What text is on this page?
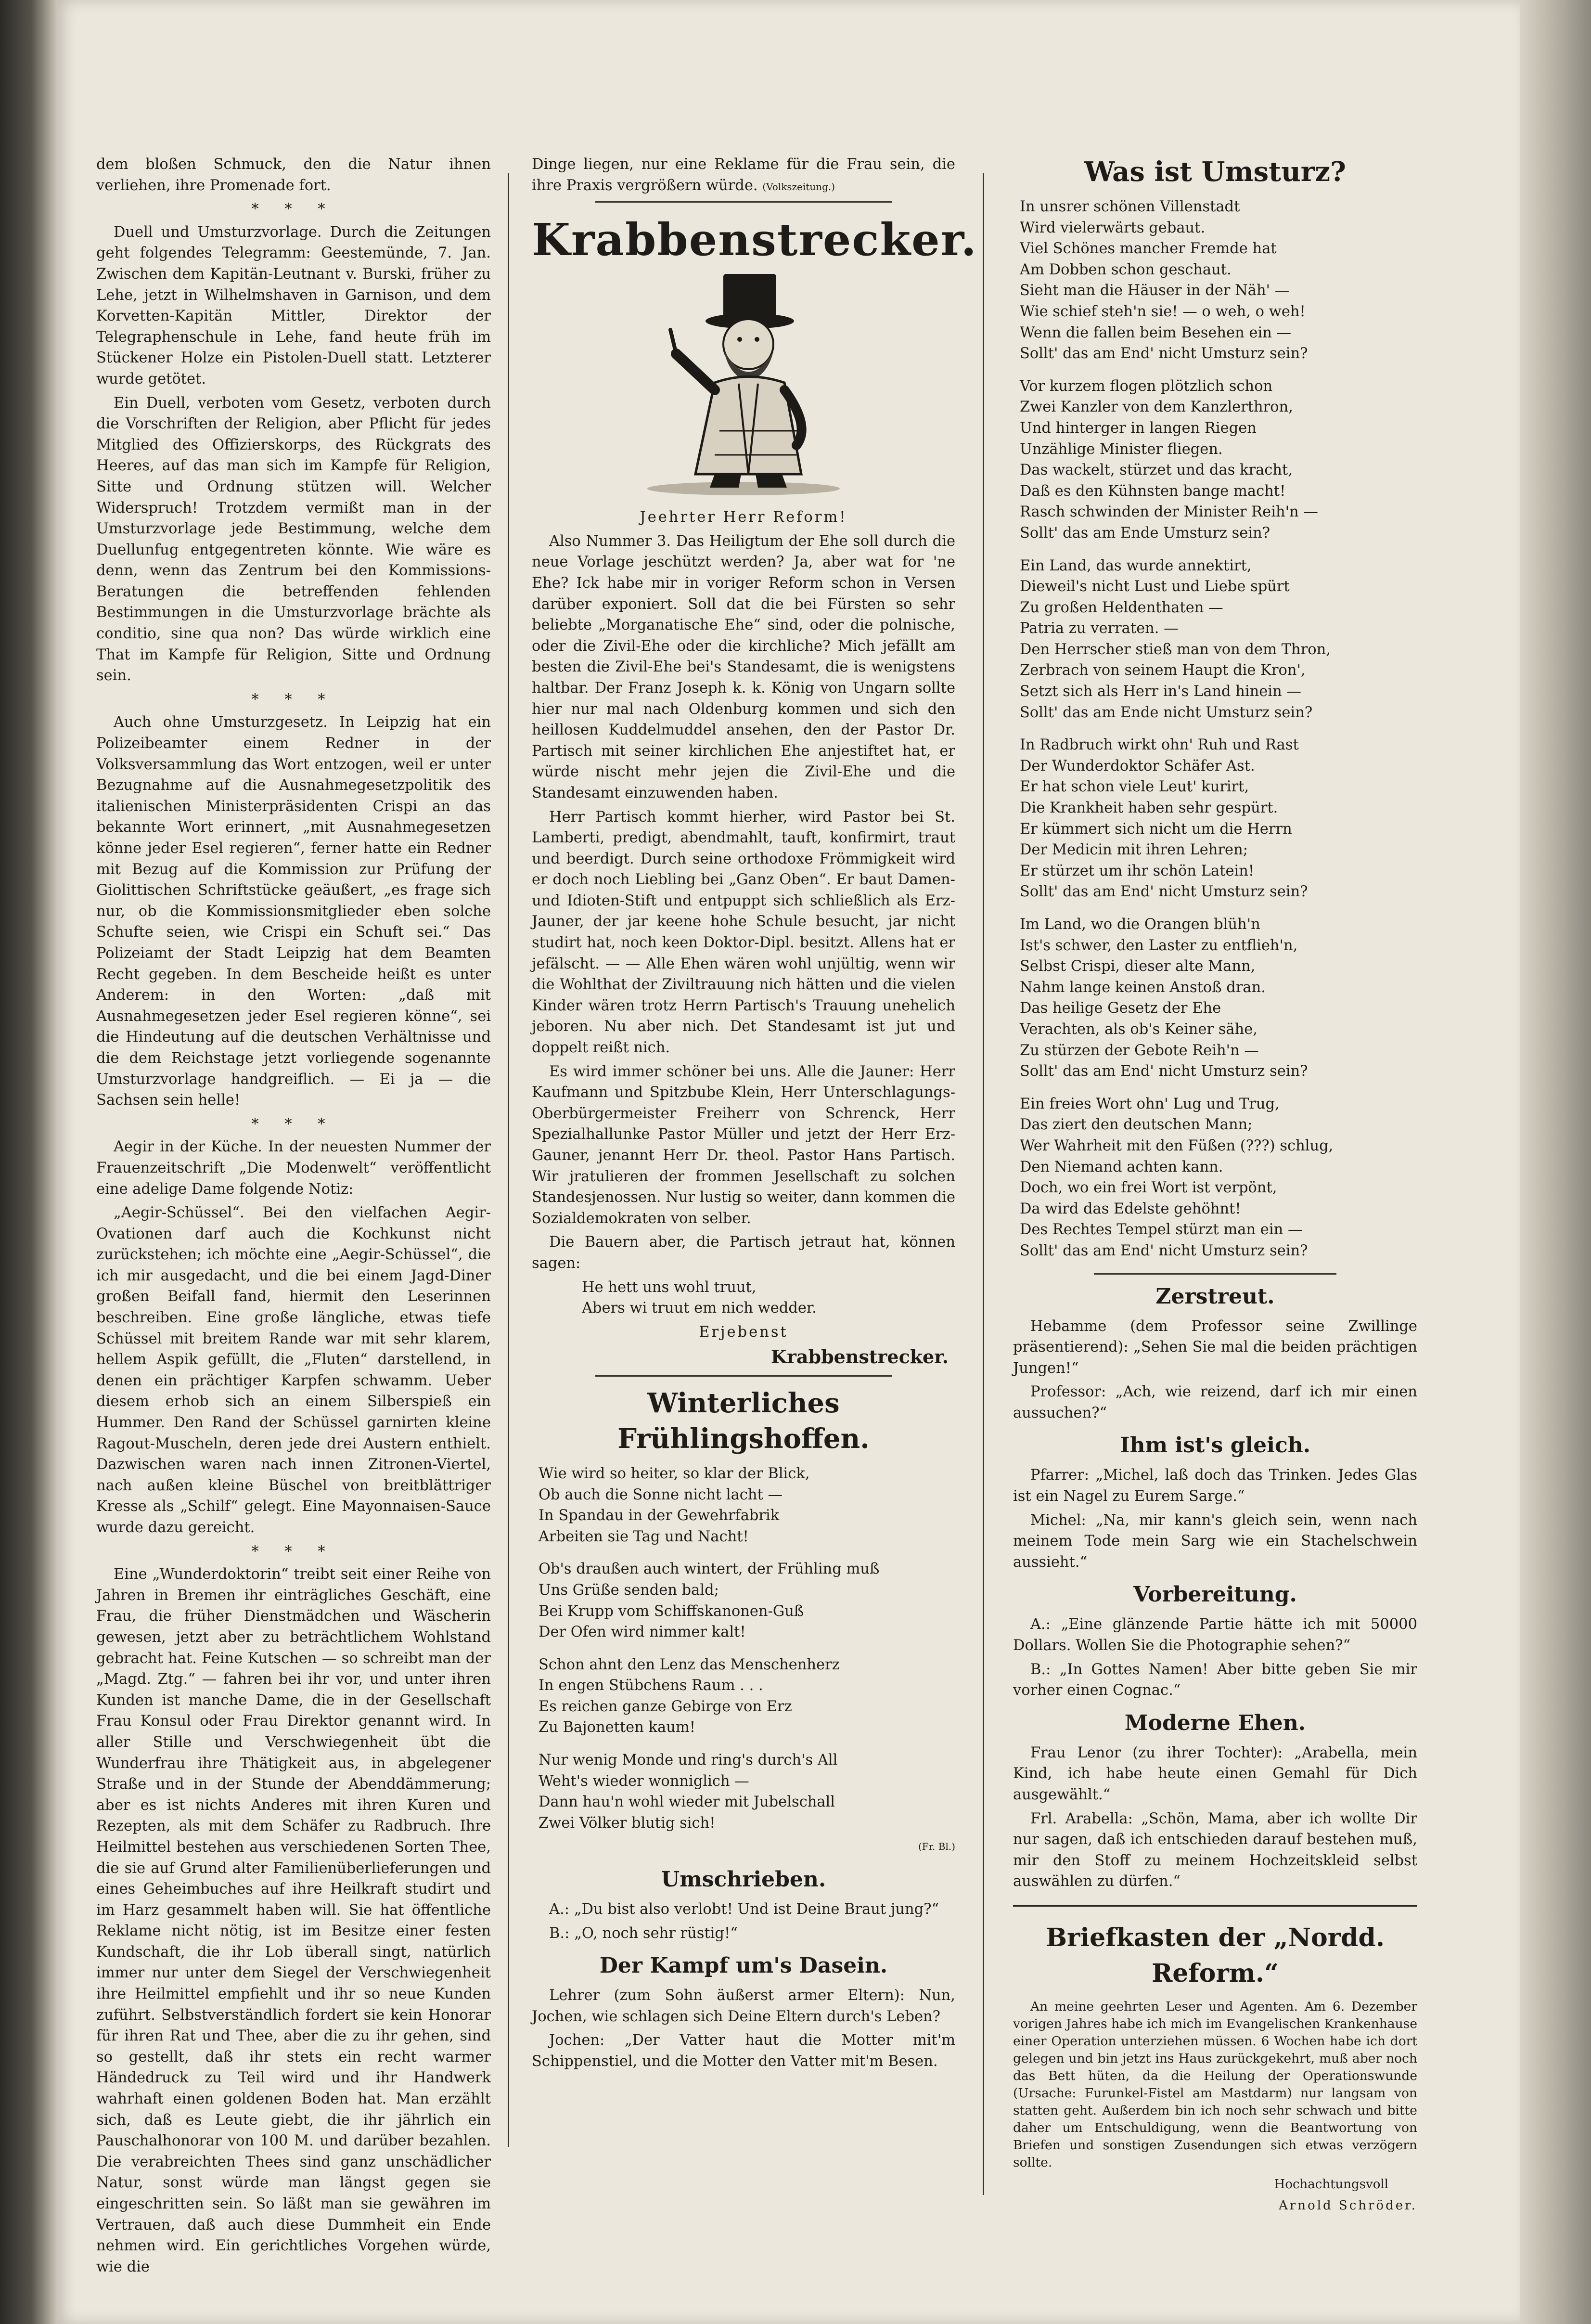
dem bloßen Schmuck, den die Natur ihnen verliehen, ihre Promenade fort.

* * *

Duell und Umsturzvorlage. Durch die Zeitungen geht folgendes Telegramm: Geestemünde, 7. Jan. Zwischen dem Kapitän-Leutnant v. Burski, früher zu Lehe, jetzt in Wilhelmshaven in Garnison, und dem Korvetten-Kapitän Mittler, Direktor der Telegraphenschule in Lehe, fand heute früh im Stückener Holze ein Pistolen-Duell statt. Letzterer wurde getötet.

Ein Duell, verboten vom Gesetz, verboten durch die Vorschriften der Religion, aber Pflicht für jedes Mitglied des Offizierskorps, des Rückgrats des Heeres, auf das man sich im Kampfe für Religion, Sitte und Ordnung stützen will. Welcher Widerspruch! Trotzdem vermißt man in der Umsturzvorlage jede Bestimmung, welche dem Duellunfug entgegentreten könnte. Wie wäre es denn, wenn das Zentrum bei den Kommissions-Beratungen die betreffenden fehlenden Bestimmungen in die Umsturzvorlage brächte als conditio, sine qua non? Das würde wirklich eine That im Kampfe für Religion, Sitte und Ordnung sein.

* * *

Auch ohne Umsturzgesetz. In Leipzig hat ein Polizeibeamter einem Redner in der Volksversammlung das Wort entzogen, weil er unter Bezugnahme auf die Ausnahmegesetzpolitik des italienischen Ministerpräsidenten Crispi an das bekannte Wort erinnert, „mit Ausnahmegesetzen könne jeder Esel regieren“, ferner hatte ein Redner mit Bezug auf die Kommission zur Prüfung der Giolittischen Schriftstücke geäußert, „es frage sich nur, ob die Kommissionsmitglieder eben solche Schufte seien, wie Crispi ein Schuft sei.“ Das Polizeiamt der Stadt Leipzig hat dem Beamten Recht gegeben. In dem Bescheide heißt es unter Anderem: in den Worten: „daß mit Ausnahmegesetzen jeder Esel regieren könne“, sei die Hindeutung auf die deutschen Verhältnisse und die dem Reichstage jetzt vorliegende sogenannte Umsturzvorlage handgreiflich. — Ei ja — die Sachsen sein helle!

* * *

Aegir in der Küche. In der neuesten Nummer der Frauenzeitschrift „Die Modenwelt“ veröffentlicht eine adelige Dame folgende Notiz:

„Aegir-Schüssel“. Bei den vielfachen Aegir-Ovationen darf auch die Kochkunst nicht zurückstehen; ich möchte eine „Aegir-Schüssel“, die ich mir ausgedacht, und die bei einem Jagd-Diner großen Beifall fand, hiermit den Leserinnen beschreiben. Eine große längliche, etwas tiefe Schüssel mit breitem Rande war mit sehr klarem, hellem Aspik gefüllt, die „Fluten“ darstellend, in denen ein prächtiger Karpfen schwamm. Ueber diesem erhob sich an einem Silberspieß ein Hummer. Den Rand der Schüssel garnirten kleine Ragout-Muscheln, deren jede drei Austern enthielt. Dazwischen waren nach innen Zitronen-Viertel, nach außen kleine Büschel von breitblättriger Kresse als „Schilf“ gelegt. Eine Mayonnaisen-Sauce wurde dazu gereicht.

* * *

Eine „Wunderdoktorin“ treibt seit einer Reihe von Jahren in Bremen ihr einträgliches Geschäft, eine Frau, die früher Dienstmädchen und Wäscherin gewesen, jetzt aber zu beträchtlichem Wohlstand gebracht hat. Feine Kutschen — so schreibt man der „Magd. Ztg.“ — fahren bei ihr vor, und unter ihren Kunden ist manche Dame, die in der Gesellschaft Frau Konsul oder Frau Direktor genannt wird. In aller Stille und Verschwiegenheit übt die Wunderfrau ihre Thätigkeit aus, in abgelegener Straße und in der Stunde der Abenddämmerung; aber es ist nichts Anderes mit ihren Kuren und Rezepten, als mit dem Schäfer zu Radbruch. Ihre Heilmittel bestehen aus verschiedenen Sorten Thee, die sie auf Grund alter Familienüberlieferungen und eines Geheimbuches auf ihre Heilkraft studirt und im Harz gesammelt haben will. Sie hat öffentliche Reklame nicht nötig, ist im Besitze einer festen Kundschaft, die ihr Lob überall singt, natürlich immer nur unter dem Siegel der Verschwiegenheit ihre Heilmittel empfiehlt und ihr so neue Kunden zuführt. Selbstverständlich fordert sie kein Honorar für ihren Rat und Thee, aber die zu ihr gehen, sind so gestellt, daß ihr stets ein recht warmer Händedruck zu Teil wird und ihr Handwerk wahrhaft einen goldenen Boden hat. Man erzählt sich, daß es Leute giebt, die ihr jährlich ein Pauschalhonorar von 100 M. und darüber bezahlen. Die verabreichten Thees sind ganz unschädlicher Natur, sonst würde man längst gegen sie eingeschritten sein. So läßt man sie gewähren im Vertrauen, daß auch diese Dummheit ein Ende nehmen wird. Ein gerichtliches Vorgehen würde, wie die

Dinge liegen, nur eine Reklame für die Frau sein, die ihre Praxis vergrößern würde. (Volkszeitung.)

Krabbenstrecker.
Jeehrter Herr Reform!

Also Nummer 3. Das Heiligtum der Ehe soll durch die neue Vorlage jeschützt werden? Ja, aber wat for 'ne Ehe? Ick habe mir in voriger Reform schon in Versen darüber exponiert. Soll dat die bei Fürsten so sehr beliebte „Morganatische Ehe“ sind, oder die polnische, oder die Zivil-Ehe oder die kirchliche? Mich jefällt am besten die Zivil-Ehe bei's Standesamt, die is wenigstens haltbar. Der Franz Joseph k. k. König von Ungarn sollte hier nur mal nach Oldenburg kommen und sich den heillosen Kuddelmuddel ansehen, den der Pastor Dr. Partisch mit seiner kirchlichen Ehe anjestiftet hat, er würde nischt mehr jejen die Zivil-Ehe und die Standesamt einzuwenden haben.

Herr Partisch kommt hierher, wird Pastor bei St. Lamberti, predigt, abendmahlt, tauft, konfirmirt, traut und beerdigt. Durch seine orthodoxe Frömmigkeit wird er doch noch Liebling bei „Ganz Oben“. Er baut Damen- und Idioten-Stift und entpuppt sich schließlich als Erz-Jauner, der jar keene hohe Schule besucht, jar nicht studirt hat, noch keen Doktor-Dipl. besitzt. Allens hat er jefälscht. — — Alle Ehen wären wohl unjültig, wenn wir die Wohlthat der Ziviltrauung nich hätten und die vielen Kinder wären trotz Herrn Partisch's Trauung unehelich jeboren. Nu aber nich. Det Standesamt ist jut und doppelt reißt nich.

Es wird immer schöner bei uns. Alle die Jauner: Herr Kaufmann und Spitzbube Klein, Herr Unterschlagungs-Oberbürgermeister Freiherr von Schrenck, Herr Spezialhallunke Pastor Müller und jetzt der Herr Erz-Gauner, jenannt Herr Dr. theol. Pastor Hans Partisch. Wir jratulieren der frommen Jesellschaft zu solchen Standesjenossen. Nur lustig so weiter, dann kommen die Sozialdemokraten von selber.

Die Bauern aber, die Partisch jetraut hat, können sagen:

He hett uns wohl truut,
Abers wi truut em nich wedder.
Erjebenst
Krabbenstrecker.
Winterliches Frühlingshoffen.
Wie wird so heiter, so klar der Blick,
Ob auch die Sonne nicht lacht —
In Spandau in der Gewehrfabrik
Arbeiten sie Tag und Nacht!
Ob's draußen auch wintert, der Frühling muß
Uns Grüße senden bald;
Bei Krupp vom Schiffskanonen-Guß
Der Ofen wird nimmer kalt!
Schon ahnt den Lenz das Menschenherz
In engen Stübchens Raum . . .
Es reichen ganze Gebirge von Erz
Zu Bajonetten kaum!
Nur wenig Monde und ring's durch's All
Weht's wieder wonniglich —
Dann hau'n wohl wieder mit Jubelschall
Zwei Völker blutig sich!
(Fr. Bl.)
Umschrieben.

A.: „Du bist also verlobt! Und ist Deine Braut jung?“

B.: „O, noch sehr rüstig!“

Der Kampf um's Dasein.

Lehrer (zum Sohn äußerst armer Eltern): Nun, Jochen, wie schlagen sich Deine Eltern durch's Leben?

Jochen: „Der Vatter haut die Motter mit'm Schippenstiel, und die Motter den Vatter mit'm Besen.

Was ist Umsturz?
In unsrer schönen Villenstadt
Wird vielerwärts gebaut.
Viel Schönes mancher Fremde hat
Am Dobben schon geschaut.
Sieht man die Häuser in der Näh' —
Wie schief steh'n sie! — o weh, o weh!
Wenn die fallen beim Besehen ein —
Sollt' das am End' nicht Umsturz sein?
Vor kurzem flogen plötzlich schon
Zwei Kanzler von dem Kanzlerthron,
Und hinterger in langen Riegen
Unzählige Minister fliegen.
Das wackelt, stürzet und das kracht,
Daß es den Kühnsten bange macht!
Rasch schwinden der Minister Reih'n —
Sollt' das am Ende Umsturz sein?
Ein Land, das wurde annektirt,
Dieweil's nicht Lust und Liebe spürt
Zu großen Heldenthaten —
Patria zu verraten. —
Den Herrscher stieß man von dem Thron,
Zerbrach von seinem Haupt die Kron',
Setzt sich als Herr in's Land hinein —
Sollt' das am Ende nicht Umsturz sein?
In Radbruch wirkt ohn' Ruh und Rast
Der Wunderdoktor Schäfer Ast.
Er hat schon viele Leut' kurirt,
Die Krankheit haben sehr gespürt.
Er kümmert sich nicht um die Herrn
Der Medicin mit ihren Lehren;
Er stürzet um ihr schön Latein!
Sollt' das am End' nicht Umsturz sein?
Im Land, wo die Orangen blüh'n
Ist's schwer, den Laster zu entflieh'n,
Selbst Crispi, dieser alte Mann,
Nahm lange keinen Anstoß dran.
Das heilige Gesetz der Ehe
Verachten, als ob's Keiner sähe,
Zu stürzen der Gebote Reih'n —
Sollt' das am End' nicht Umsturz sein?
Ein freies Wort ohn' Lug und Trug,
Das ziert den deutschen Mann;
Wer Wahrheit mit den Füßen (???) schlug,
Den Niemand achten kann.
Doch, wo ein frei Wort ist verpönt,
Da wird das Edelste gehöhnt!
Des Rechtes Tempel stürzt man ein —
Sollt' das am End' nicht Umsturz sein?
Zerstreut.

Hebamme (dem Professor seine Zwillinge präsentierend): „Sehen Sie mal die beiden prächtigen Jungen!“

Professor: „Ach, wie reizend, darf ich mir einen aussuchen?“

Ihm ist's gleich.

Pfarrer: „Michel, laß doch das Trinken. Jedes Glas ist ein Nagel zu Eurem Sarge.“

Michel: „Na, mir kann's gleich sein, wenn nach meinem Tode mein Sarg wie ein Stachelschwein aussieht.“

Vorbereitung.

A.: „Eine glänzende Partie hätte ich mit 50000 Dollars. Wollen Sie die Photographie sehen?“

B.: „In Gottes Namen! Aber bitte geben Sie mir vorher einen Cognac.“

Moderne Ehen.

Frau Lenor (zu ihrer Tochter): „Arabella, mein Kind, ich habe heute einen Gemahl für Dich ausgewählt.“

Frl. Arabella: „Schön, Mama, aber ich wollte Dir nur sagen, daß ich entschieden darauf bestehen muß, mir den Stoff zu meinem Hochzeitskleid selbst auswählen zu dürfen.“

Briefkasten der „Nordd. Reform.“

An meine geehrten Leser und Agenten. Am 6. Dezember vorigen Jahres habe ich mich im Evangelischen Krankenhause einer Operation unterziehen müssen. 6 Wochen habe ich dort gelegen und bin jetzt ins Haus zurückgekehrt, muß aber noch das Bett hüten, da die Heilung der Operationswunde (Ursache: Furunkel-Fistel am Mastdarm) nur langsam von statten geht. Außerdem bin ich noch sehr schwach und bitte daher um Entschuldigung, wenn die Beantwortung von Briefen und sonstigen Zusendungen sich etwas verzögern sollte.

Hochachtungsvoll
Arnold Schröder.
